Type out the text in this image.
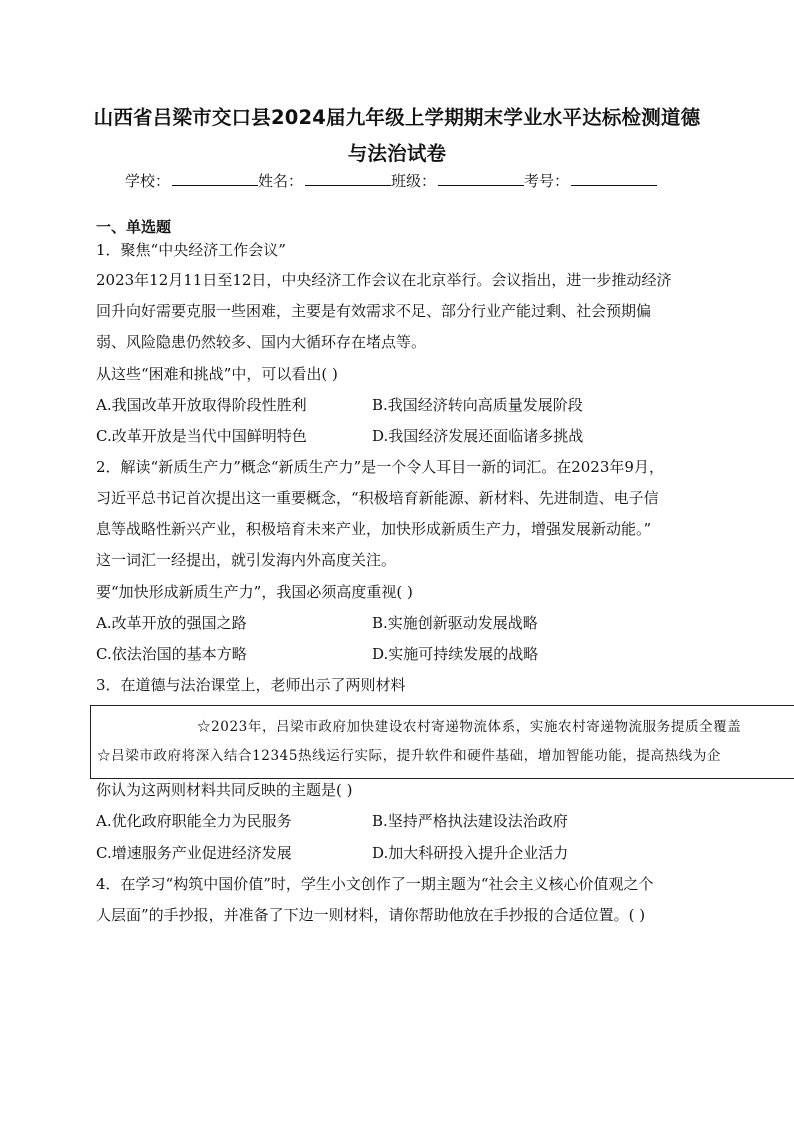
山西省吕梁市交口县2024届九年级上学期期末学业水平达标检测道德
与法治试卷
学校：	姓名：	班级：	考号：
一、单选题
1．聚焦“中央经济工作会议”
2023年12月11日至12日，中央经济工作会议在北京举行。会议指出，进一步推动经济
回升向好需要克服一些困难，主要是有效需求不足、部分行业产能过剩、社会预期偏
弱、风险隐患仍然较多、国内大循环存在堵点等。
从这些“困难和挑战”中，可以看出( )
A.我国改革开放取得阶段性胜利	B.我国经济转向高质量发展阶段
C.改革开放是当代中国鲜明特色	D.我国经济发展还面临诸多挑战
2．解读“新质生产力”概念“新质生产力”是一个令人耳目一新的词汇。在2023年9月，
习近平总书记首次提出这一重要概念，“积极培育新能源、新材料、先进制造、电子信
息等战略性新兴产业，积极培育未来产业，加快形成新质生产力，增强发展新动能。”
这一词汇一经提出，就引发海内外高度关注。
要“加快形成新质生产力”，我国必须高度重视( )
A.改革开放的强国之路	B.实施创新驱动发展战略
C.依法治国的基本方略	D.实施可持续发展的战略
3．在道德与法治课堂上，老师出示了两则材料
☆2023年，吕梁市政府加快建设农村寄递物流体系，实施农村寄递物流服务提质全覆盖
☆吕梁市政府将深入结合12345热线运行实际，提升软件和硬件基础，增加智能功能，提高热线为企
你认为这两则材料共同反映的主题是( )
A.优化政府职能全力为民服务	B.坚持严格执法建设法治政府
C.增速服务产业促进经济发展	D.加大科研投入提升企业活力
4．在学习“构筑中国价值”时，学生小文创作了一期主题为“社会主义核心价值观之个
人层面”的手抄报，并准备了下边一则材料，请你帮助他放在手抄报的合适位置。( )
